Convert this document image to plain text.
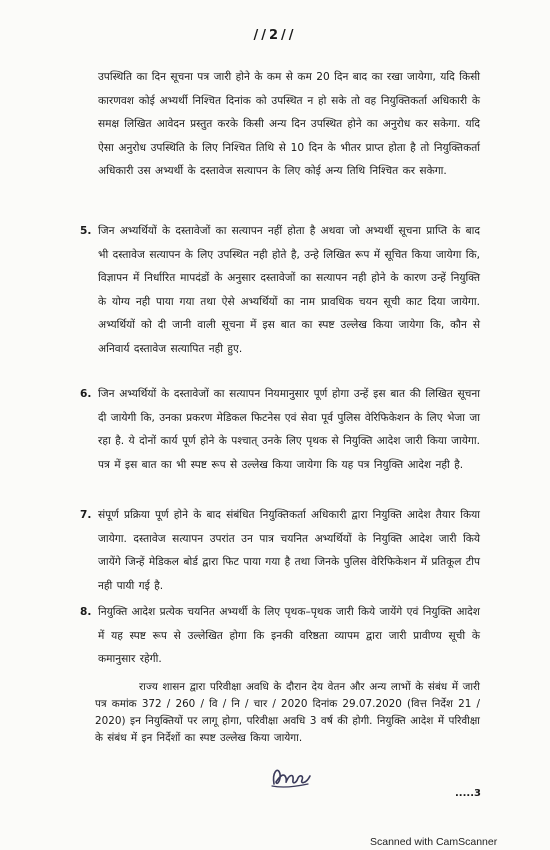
//2//
उपस्थिति का दिन सूचना पत्र जारी होने के कम से कम 20 दिन बाद का रखा जायेगा, यदि किसी कारणवश कोई अभ्यर्थी निश्चित दिनांक को उपस्थित न हो सके तो वह नियुक्तिकर्ता अधिकारी के समक्ष लिखित आवेदन प्रस्तुत करके किसी अन्य दिन उपस्थित होने का अनुरोध कर सकेगा. यदि ऐसा अनुरोध उपस्थिति के लिए निश्चित तिथि से 10 दिन के भीतर प्राप्त होता है तो नियुक्तिकर्ता अधिकारी उस अभ्यर्थी के दस्तावेज सत्यापन के लिए कोई अन्य तिथि निश्चित कर सकेगा.
5. जिन अभ्यर्थियों के दस्तावेजों का सत्यापन नहीं होता है अथवा जो अभ्यर्थी सूचना प्राप्ति के बाद भी दस्तावेज सत्यापन के लिए उपस्थित नही होते है, उन्हे लिखित रूप में सूचित किया जायेगा कि, विज्ञापन में निर्धारित मापदंडों के अनुसार दस्तावेजों का सत्यापन नही होने के कारण उन्हें नियुक्ति के योग्य नही पाया गया तथा ऐसे अभ्यर्थियों का नाम प्रावधिक चयन सूची काट दिया जायेगा. अभ्यर्थियों को दी जानी वाली सूचना में इस बात का स्पष्ट उल्लेख किया जायेगा कि, कौन से अनिवार्य दस्तावेज सत्यापित नही हुए.
6. जिन अभ्यर्थियों के दस्तावेजों का सत्यापन नियमानुसार पूर्ण होगा उन्हें इस बात की लिखित सूचना दी जायेगी कि, उनका प्रकरण मेडिकल फिटनेस एवं सेवा पूर्व पुलिस वेरिफिकेशन के लिए भेजा जा रहा है. ये दोनों कार्य पूर्ण होने के पश्चात् उनके लिए पृथक से नियुक्ति आदेश जारी किया जायेगा. पत्र में इस बात का भी स्पष्ट रूप से उल्लेख किया जायेगा कि यह पत्र नियुक्ति आदेश नही है.
7. संपूर्ण प्रक्रिया पूर्ण होने के बाद संबंधित नियुक्तिकर्ता अधिकारी द्वारा नियुक्ति आदेश तैयार किया जायेगा. दस्तावेज सत्यापन उपरांत उन पात्र चयनित अभ्यर्थियों के नियुक्ति आदेश जारी किये जायेंगे जिन्हें मेडिकल बोर्ड द्वारा फिट पाया गया है तथा जिनके पुलिस वेरिफिकेशन में प्रतिकूल टीप नही पायी गई है.
8. नियुक्ति आदेश प्रत्येक चयनित अभ्यर्थी के लिए पृथक–पृथक जारी किये जायेंगे एवं नियुक्ति आदेश में यह स्पष्ट रूप से उल्लेखित होगा कि इनकी वरिष्ठता व्यापम द्वारा जारी प्रावीण्य सूची के कमानुसार रहेगी.
राज्य शासन द्वारा परिवीक्षा अवधि के दौरान देय वेतन और अन्य लाभों के संबंध में जारी पत्र कमांक 372 / 260 / वि / नि / चार / 2020 दिनांक 29.07.2020 (वित्त निर्देश 21 / 2020) इन नियुक्तियों पर लागू होगा, परिवीक्षा अवधि 3 वर्ष की होगी. नियुक्ति आदेश में परिवीक्षा के संबंध में इन निर्देशों का स्पष्ट उल्लेख किया जायेगा.
.....3
Scanned with CamScanner
